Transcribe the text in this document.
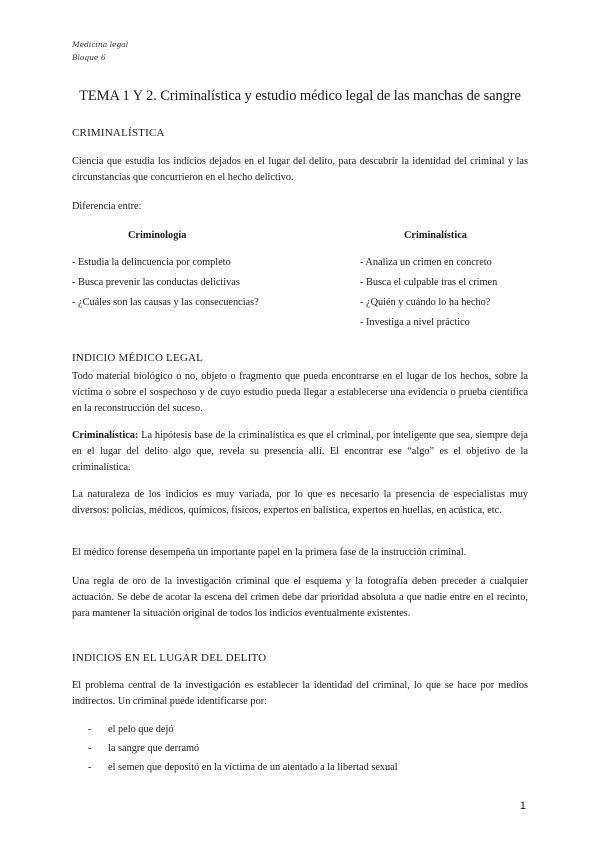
Medicina legal
Bloque 6
TEMA 1 Y 2. Criminalística y estudio médico legal de las manchas de sangre
CRIMINALÍSTICA
Ciencia que estudia los indicios dejados en el lugar del delito, para descubrir la identidad del criminal y las circunstancias que concurrieron en el hecho delictivo.
Diferencia entre:
Criminología	Criminalística
- Estudia la delincuencia por completo
- Busca prevenir las conductas delictivas
- ¿Cuáles son las causas y las consecuencias?
- Analiza un crimen en concreto
- Busca el culpable tras el crimen
- ¿Quién y cuándo lo ha hecho?
- Investiga a nivel práctico
INDICIO MÉDICO LEGAL
Todo material biológico o no, objeto o fragmento que pueda encontrarse en el lugar de los hechos, sobre la víctima o sobre el sospechoso y de cuyo estudio pueda llegar a establecerse una evidencia o prueba científica en la reconstrucción del suceso.
Criminalística: La hipótesis base de la criminalística es que el criminal, por inteligente que sea, siempre deja en el lugar del delito algo que, revela su presencia allí. El encontrar ese “algo” es el objetivo de la criminalística.
La naturaleza de los indicios es muy variada, por lo que es necesario la presencia de especialistas muy diversos: policías, médicos, químicos, físicos, expertos en balística, expertos en huellas, en acústica, etc.
El médico forense desempeña un importante papel en la primera fase de la instrucción criminal.
Una regla de oro de la investigación criminal que el esquema y la fotografía deben preceder a cualquier actuación. Se debe de acotar la escena del crimen debe dar prioridad absoluta a que nadie entre en el recinto, para mantener la situación original de todos los indicios eventualmente existentes.
INDICIOS EN EL LUGAR DEL DELITO
El problema central de la investigación es establecer la identidad del criminal, lo que se hace por medios indirectos. Un criminal puede identificarse por:
- el pelo que dejó
- la sangre que derramó
- el semen que depositó en la víctima de un atentado a la libertad sexual
1
